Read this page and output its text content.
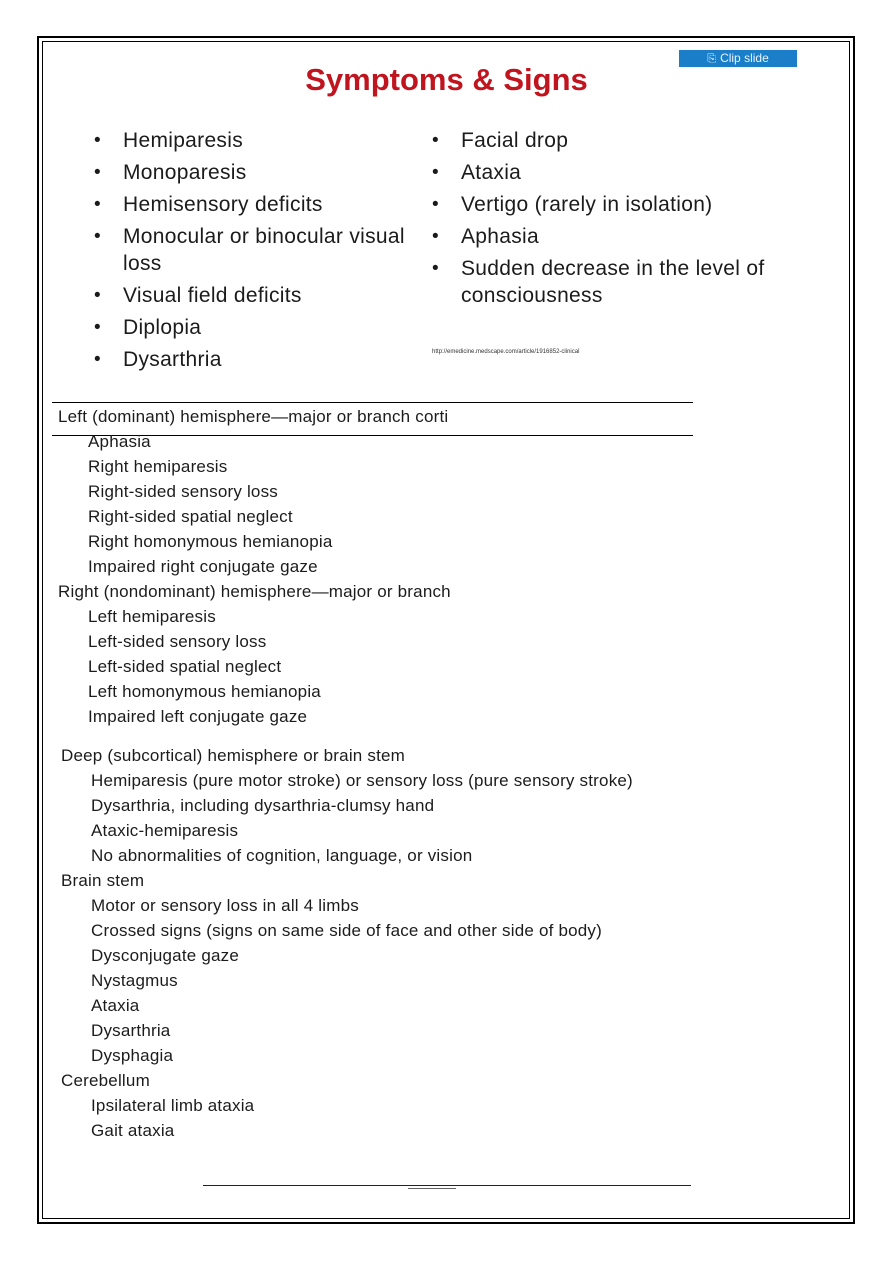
⎘ Clip slide
Symptoms & Signs
• Hemiparesis
• Monoparesis
• Hemisensory deficits
• Monocular or binocular visual loss
• Visual field deficits
• Diplopia
• Dysarthria
• Facial drop
• Ataxia
• Vertigo (rarely in isolation)
• Aphasia
• Sudden decrease in the level of consciousness
http://emedicine.medscape.com/article/1916852-clinical
Left (dominant) hemisphere—major or branch corti
Aphasia
Right hemiparesis
Right-sided sensory loss
Right-sided spatial neglect
Right homonymous hemianopia
Impaired right conjugate gaze
Right (nondominant) hemisphere—major or branch
Left hemiparesis
Left-sided sensory loss
Left-sided spatial neglect
Left homonymous hemianopia
Impaired left conjugate gaze
Deep (subcortical) hemisphere or brain stem
Hemiparesis (pure motor stroke) or sensory loss (pure sensory stroke)
Dysarthria, including dysarthria-clumsy hand
Ataxic-hemiparesis
No abnormalities of cognition, language, or vision
Brain stem
Motor or sensory loss in all 4 limbs
Crossed signs (signs on same side of face and other side of body)
Dysconjugate gaze
Nystagmus
Ataxia
Dysarthria
Dysphagia
Cerebellum
Ipsilateral limb ataxia
Gait ataxia
